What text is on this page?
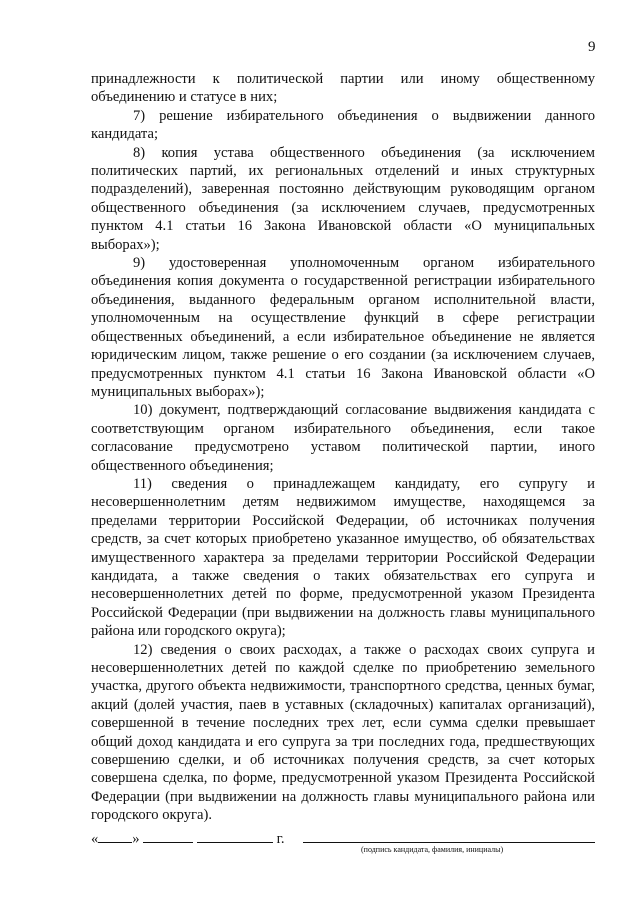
9

принадлежности к политической партии или иному общественному объединению и статусе в них;

7) решение избирательного объединения о выдвижении данного кандидата;

8) копия устава общественного объединения (за исключением политических партий, их региональных отделений и иных структурных подразделений), заверенная постоянно действующим руководящим органом общественного объединения (за исключением случаев, предусмотренных пунктом 4.1 статьи 16 Закона Ивановской области «О муниципальных выборах»);

9) удостоверенная уполномоченным органом избирательного объединения копия документа о государственной регистрации избирательного объединения, выданного федеральным органом исполнительной власти, уполномоченным на осуществление функций в сфере регистрации общественных объединений, а если избирательное объединение не является юридическим лицом, также решение о его создании (за исключением случаев, предусмотренных пунктом 4.1 статьи 16 Закона Ивановской области «О муниципальных выборах»);

10) документ, подтверждающий согласование выдвижения кандидата с соответствующим органом избирательного объединения, если такое согласование предусмотрено уставом политической партии, иного общественного объединения;

11) сведения о принадлежащем кандидату, его супругу и несовершеннолетним детям недвижимом имуществе, находящемся за пределами территории Российской Федерации, об источниках получения средств, за счет которых приобретено указанное имущество, об обязательствах имущественного характера за пределами территории Российской Федерации кандидата, а также сведения о таких обязательствах его супруга и несовершеннолетних детей по форме, предусмотренной указом Президента Российской Федерации (при выдвижении на должность главы муниципального района или городского округа);

12) сведения о своих расходах, а также о расходах своих супруга и несовершеннолетних детей по каждой сделке по приобретению земельного участка, другого объекта недвижимости, транспортного средства, ценных бумаг, акций (долей участия, паев в уставных (складочных) капиталах организаций), совершенной в течение последних трех лет, если сумма сделки превышает общий доход кандидата и его супруга за три последних года, предшествующих совершению сделки, и об источниках получения средств, за счет которых совершена сделка, по форме, предусмотренной указом Президента Российской Федерации (при выдвижении на должность главы муниципального района или городского округа).

« »	г.
(подпись кандидата, фамилия, инициалы)
